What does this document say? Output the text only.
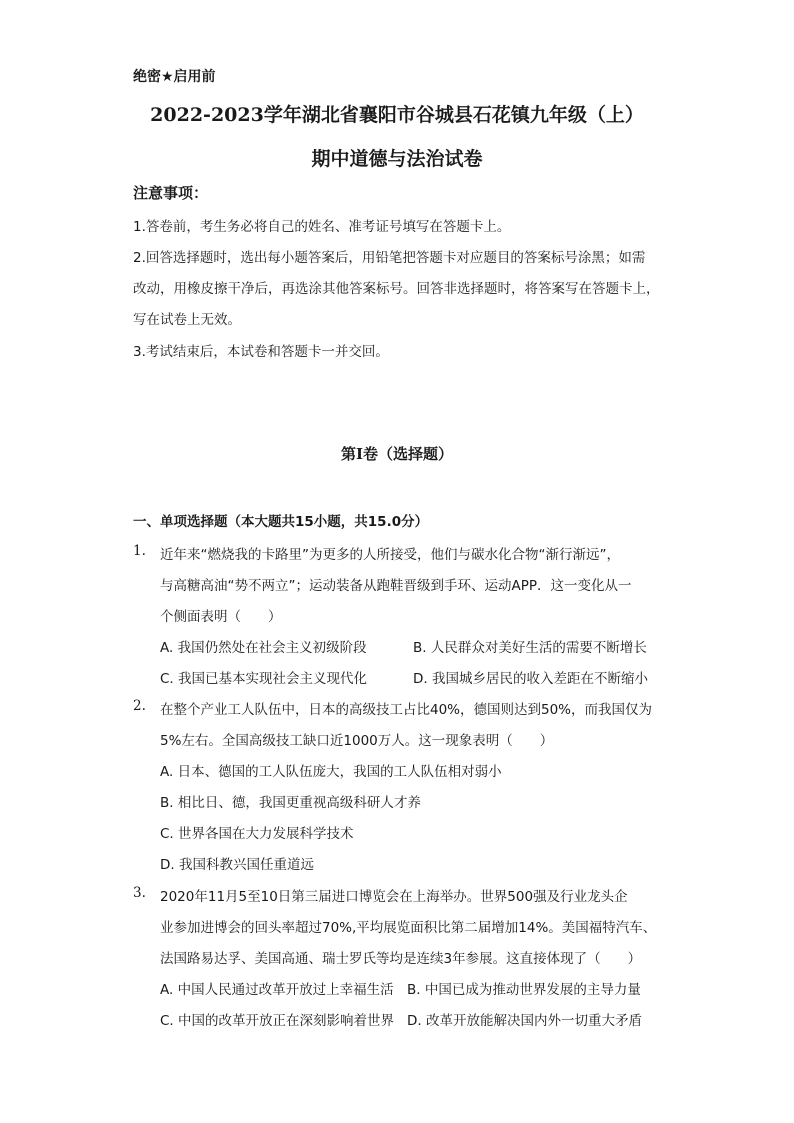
绝密★启用前
2022-2023学年湖北省襄阳市谷城县石花镇九年级（上）
期中道德与法治试卷
注意事项：
1.答卷前，考生务必将自己的姓名、准考证号填写在答题卡上。
2.回答选择题时，选出每小题答案后，用铅笔把答题卡对应题目的答案标号涂黑；如需
改动，用橡皮擦干净后，再选涂其他答案标号。回答非选择题时，将答案写在答题卡上，
写在试卷上无效。
3.考试结束后，本试卷和答题卡一并交回。
第I卷（选择题）
一、单项选择题（本大题共15小题，共15.0分）
1. 近年来“燃烧我的卡路里”为更多的人所接受，他们与碳水化合物“渐行渐远”，
与高糖高油“势不两立”；运动装备从跑鞋晋级到手环、运动APP．这一变化从一
个侧面表明（　　）
A. 我国仍然处在社会主义初级阶段	B. 人民群众对美好生活的需要不断增长
C. 我国已基本实现社会主义现代化	D. 我国城乡居民的收入差距在不断缩小
2. 在整个产业工人队伍中，日本的高级技工占比40%，德国则达到50%，而我国仅为
5%左右。全国高级技工缺口近1000万人。这一现象表明（　　）
A. 日本、德国的工人队伍庞大，我国的工人队伍相对弱小
B. 相比日、德，我国更重视高级科研人才养
C. 世界各国在大力发展科学技术
D. 我国科教兴国任重道远
3. 2020年11月5至10日第三届进口博览会在上海举办。世界500强及行业龙头企
业参加进博会的回头率超过70%,平均展览面积比第二届增加14%。美国福特汽车、
法国路易达孚、美国高通、瑞士罗氏等均是连续3年参展。这直接体现了（　　）
A. 中国人民通过改革开放过上幸福生活 B. 中国已成为推动世界发展的主导力量
C. 中国的改革开放正在深刻影响着世界 D. 改革开放能解决国内外一切重大矛盾
